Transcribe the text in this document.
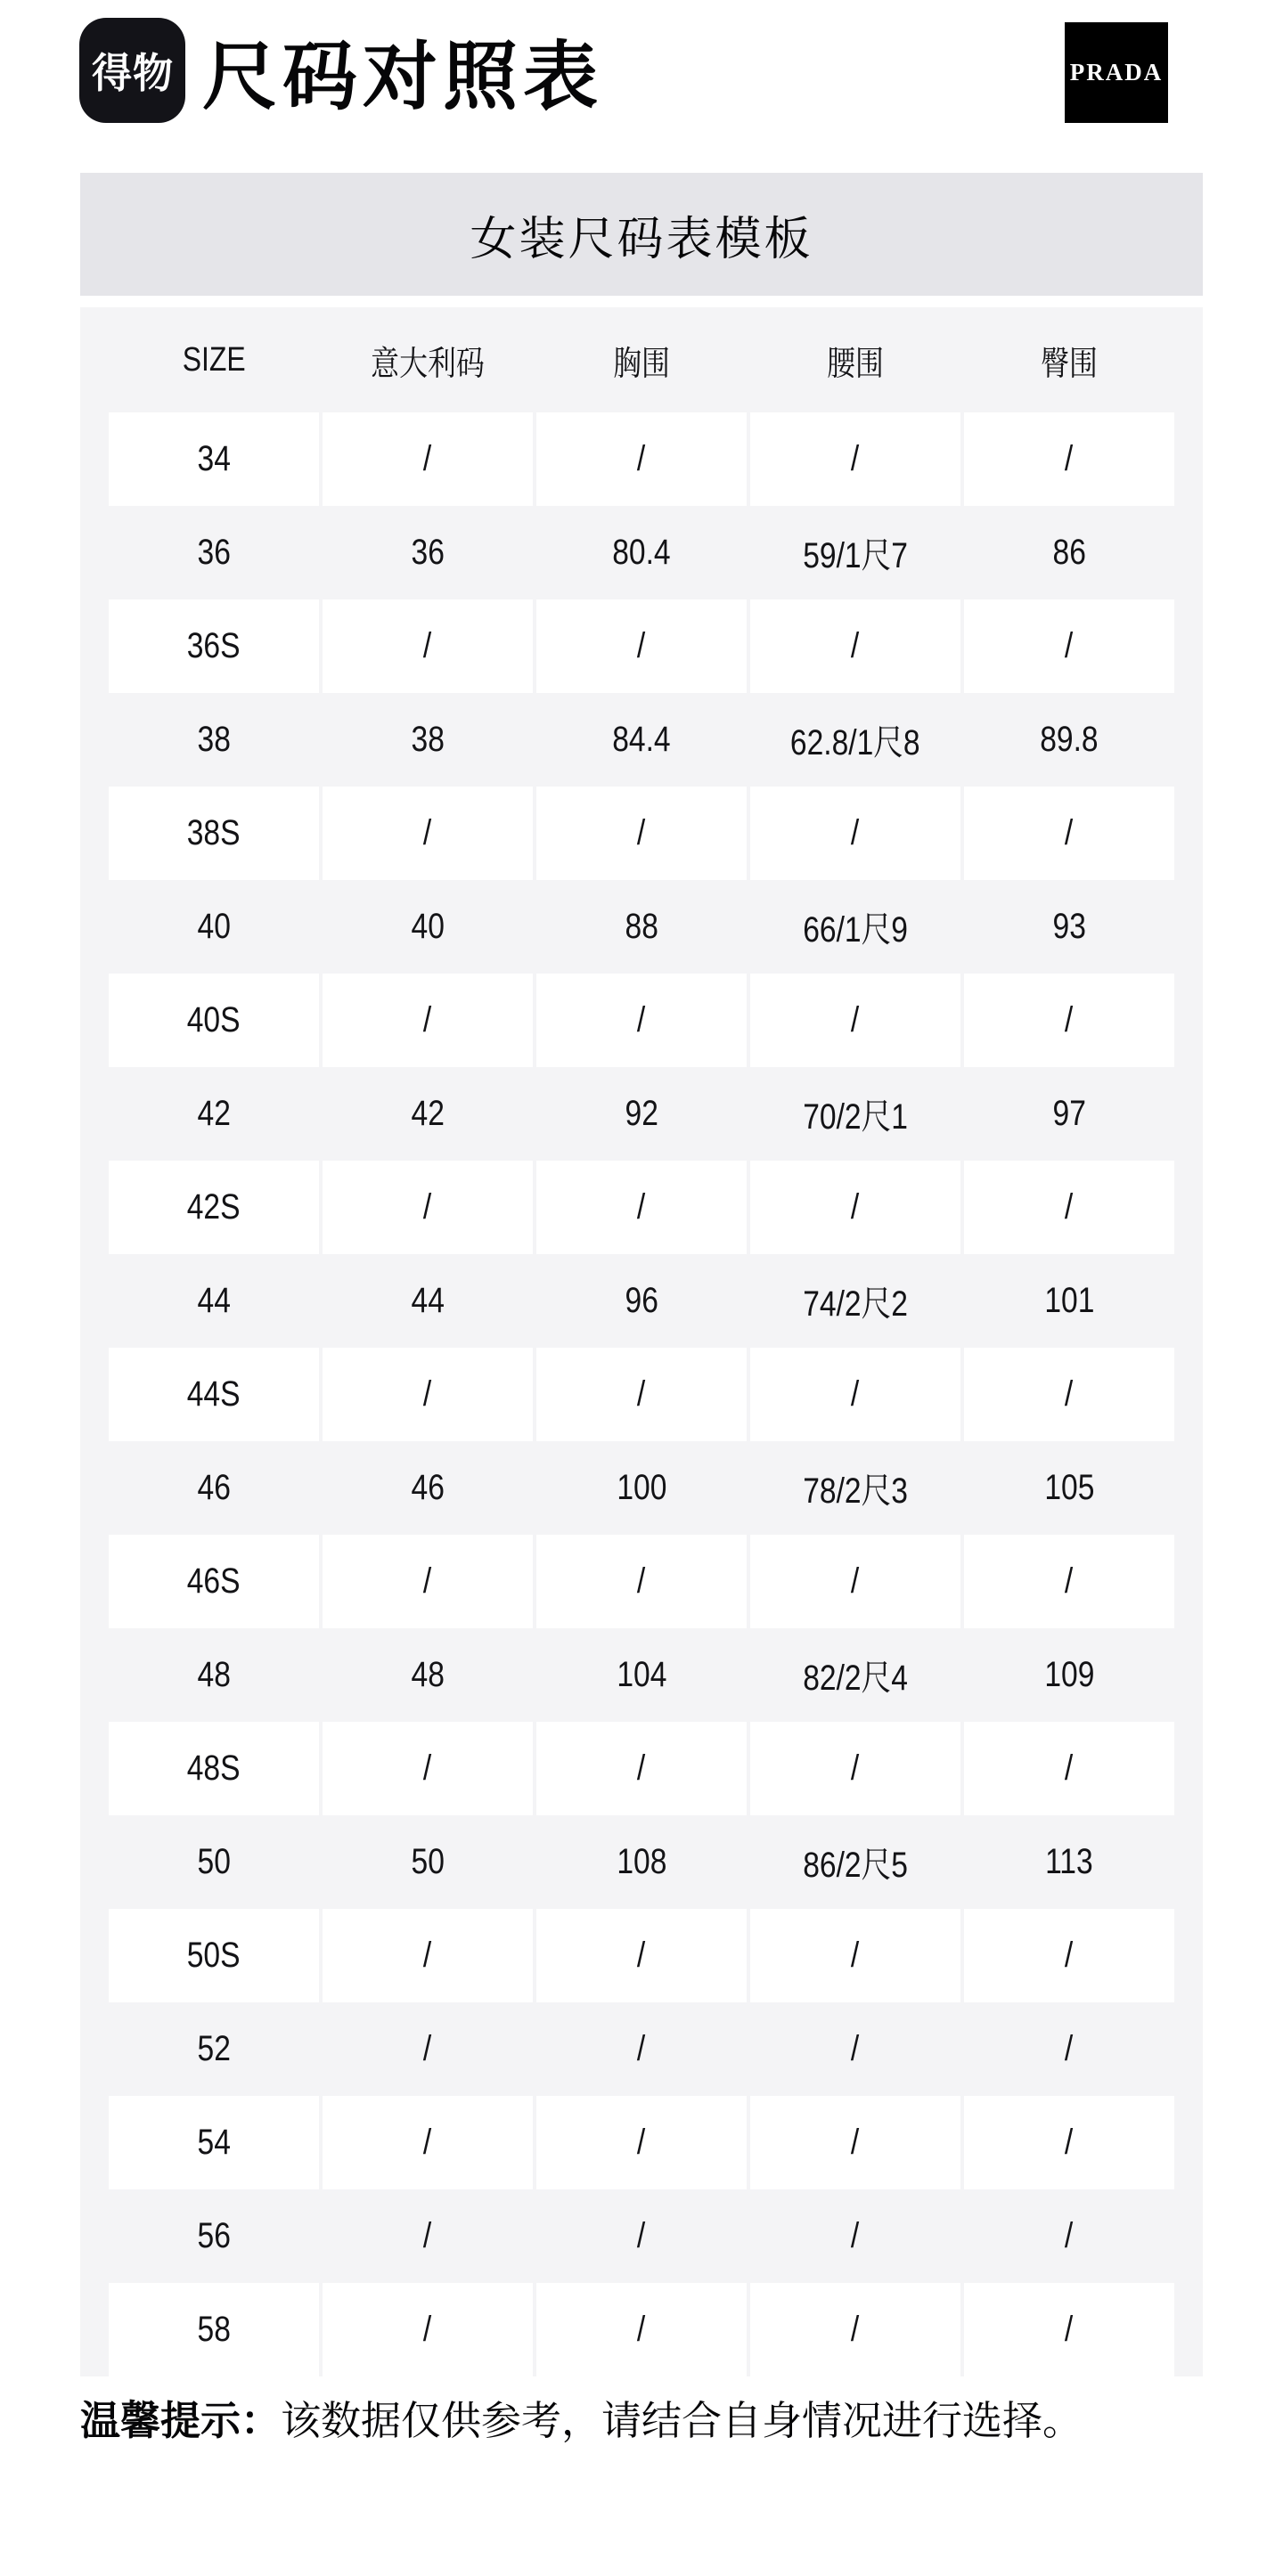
得物 尺码对照表	PRADA
女装尺码表模板
SIZE	意大利码	胸围	腰围	臀围
34	/	/	/	/
36	36	80.4	59/1尺7	86
36S	/	/	/	/
38	38	84.4	62.8/1尺8	89.8
38S	/	/	/	/
40	40	88	66/1尺9	93
40S	/	/	/	/
42	42	92	70/2尺1	97
42S	/	/	/	/
44	44	96	74/2尺2	101
44S	/	/	/	/
46	46	100	78/2尺3	105
46S	/	/	/	/
48	48	104	82/2尺4	109
48S	/	/	/	/
50	50	108	86/2尺5	113
50S	/	/	/	/
52	/	/	/	/
54	/	/	/	/
56	/	/	/	/
58	/	/	/	/

温馨提示：该数据仅供参考，请结合自身情况进行选择。
